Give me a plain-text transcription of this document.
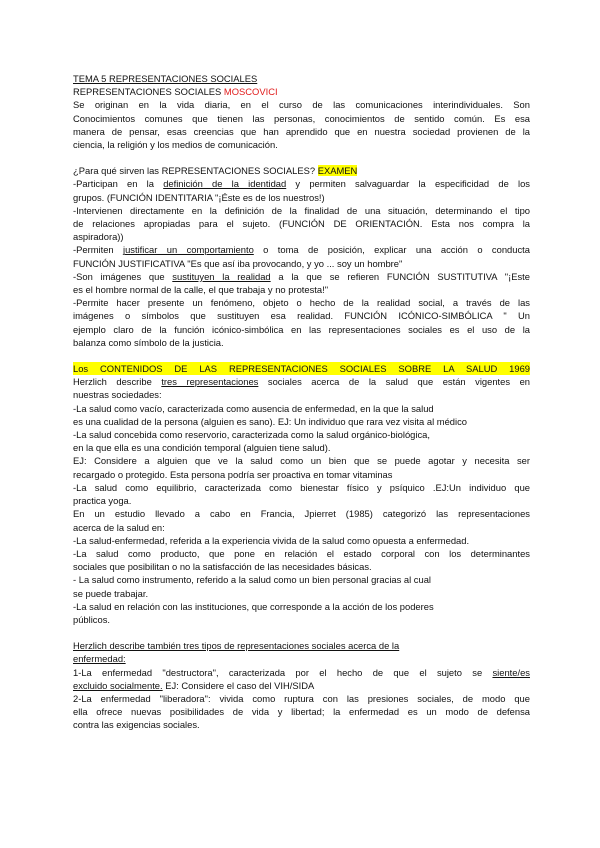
TEMA 5 REPRESENTACIONES SOCIALES
REPRESENTACIONES SOCIALES MOSCOVICI
Se originan en la vida diaria, en el curso de las comunicaciones interindividuales. Son
Conocimientos comunes que tienen las personas, conocimientos de sentido común. Es esa
manera de pensar, esas creencias que han aprendido que en nuestra sociedad provienen de la
ciencia, la religión y los medios de comunicación.
¿Para qué sirven las REPRESENTACIONES SOCIALES? EXAMEN
-Participan en la definición de la identidad y permiten salvaguardar la especificidad de los
grupos. (FUNCIÓN IDENTITARIA "¡Éste es de los nuestros!)
-Intervienen directamente en la definición de la finalidad de una situación, determinando el tipo
de relaciones apropiadas para el sujeto. (FUNCIÓN DE ORIENTACIÓN. Esta nos compra la
aspiradora))
-Permiten justificar un comportamiento o toma de posición, explicar una acción o conducta
FUNCIÓN JUSTIFICATIVA "Es que así iba provocando, y yo ... soy un hombre"
-Son imágenes que sustituyen la realidad a la que se refieren FUNCIÓN SUSTITUTIVA "¡Este
es el hombre normal de la calle, el que trabaja y no protesta!"
-Permite hacer presente un fenómeno, objeto o hecho de la realidad social, a través de las
imágenes o símbolos que sustituyen esa realidad. FUNCIÓN ICÓNICO-SIMBÓLICA " Un
ejemplo claro de la función icónico-simbólica en las representaciones sociales es el uso de la
balanza como símbolo de la justicia.
Los CONTENIDOS DE LAS REPRESENTACIONES SOCIALES SOBRE LA SALUD 1969
Herzlich describe tres representaciones sociales acerca de la salud que están vigentes en
nuestras sociedades:
-La salud como vacío, caracterizada como ausencia de enfermedad, en la que la salud
es una cualidad de la persona (alguien es sano). EJ: Un individuo que rara vez visita al médico
-La salud concebida como reservorio, caracterizada como la salud orgánico-biológica,
en la que ella es una condición temporal (alguien tiene salud).
EJ: Considere a alguien que ve la salud como un bien que se puede agotar y necesita ser
recargado o protegido. Esta persona podría ser proactiva en tomar vitaminas
-La salud como equilibrio, caracterizada como bienestar físico y psíquico .EJ:Un individuo que
practica yoga.
En un estudio llevado a cabo en Francia, Jpierret (1985) categorizó las representaciones
acerca de la salud en:
-La salud-enfermedad, referida a la experiencia vivida de la salud como opuesta a enfermedad.
-La salud como producto, que pone en relación el estado corporal con los determinantes
sociales que posibilitan o no la satisfacción de las necesidades básicas.
- La salud como instrumento, referido a la salud como un bien personal gracias al cual
se puede trabajar.
-La salud en relación con las instituciones, que corresponde a la acción de los poderes
públicos.
Herzlich describe también tres tipos de representaciones sociales acerca de la
enfermedad:
1-La enfermedad "destructora", caracterizada por el hecho de que el sujeto se siente/es
excluido socialmente. EJ: Considere el caso del VIH/SIDA
2-La enfermedad "liberadora": vivida como ruptura con las presiones sociales, de modo que
ella ofrece nuevas posibilidades de vida y libertad; la enfermedad es un modo de defensa
contra las exigencias sociales.
